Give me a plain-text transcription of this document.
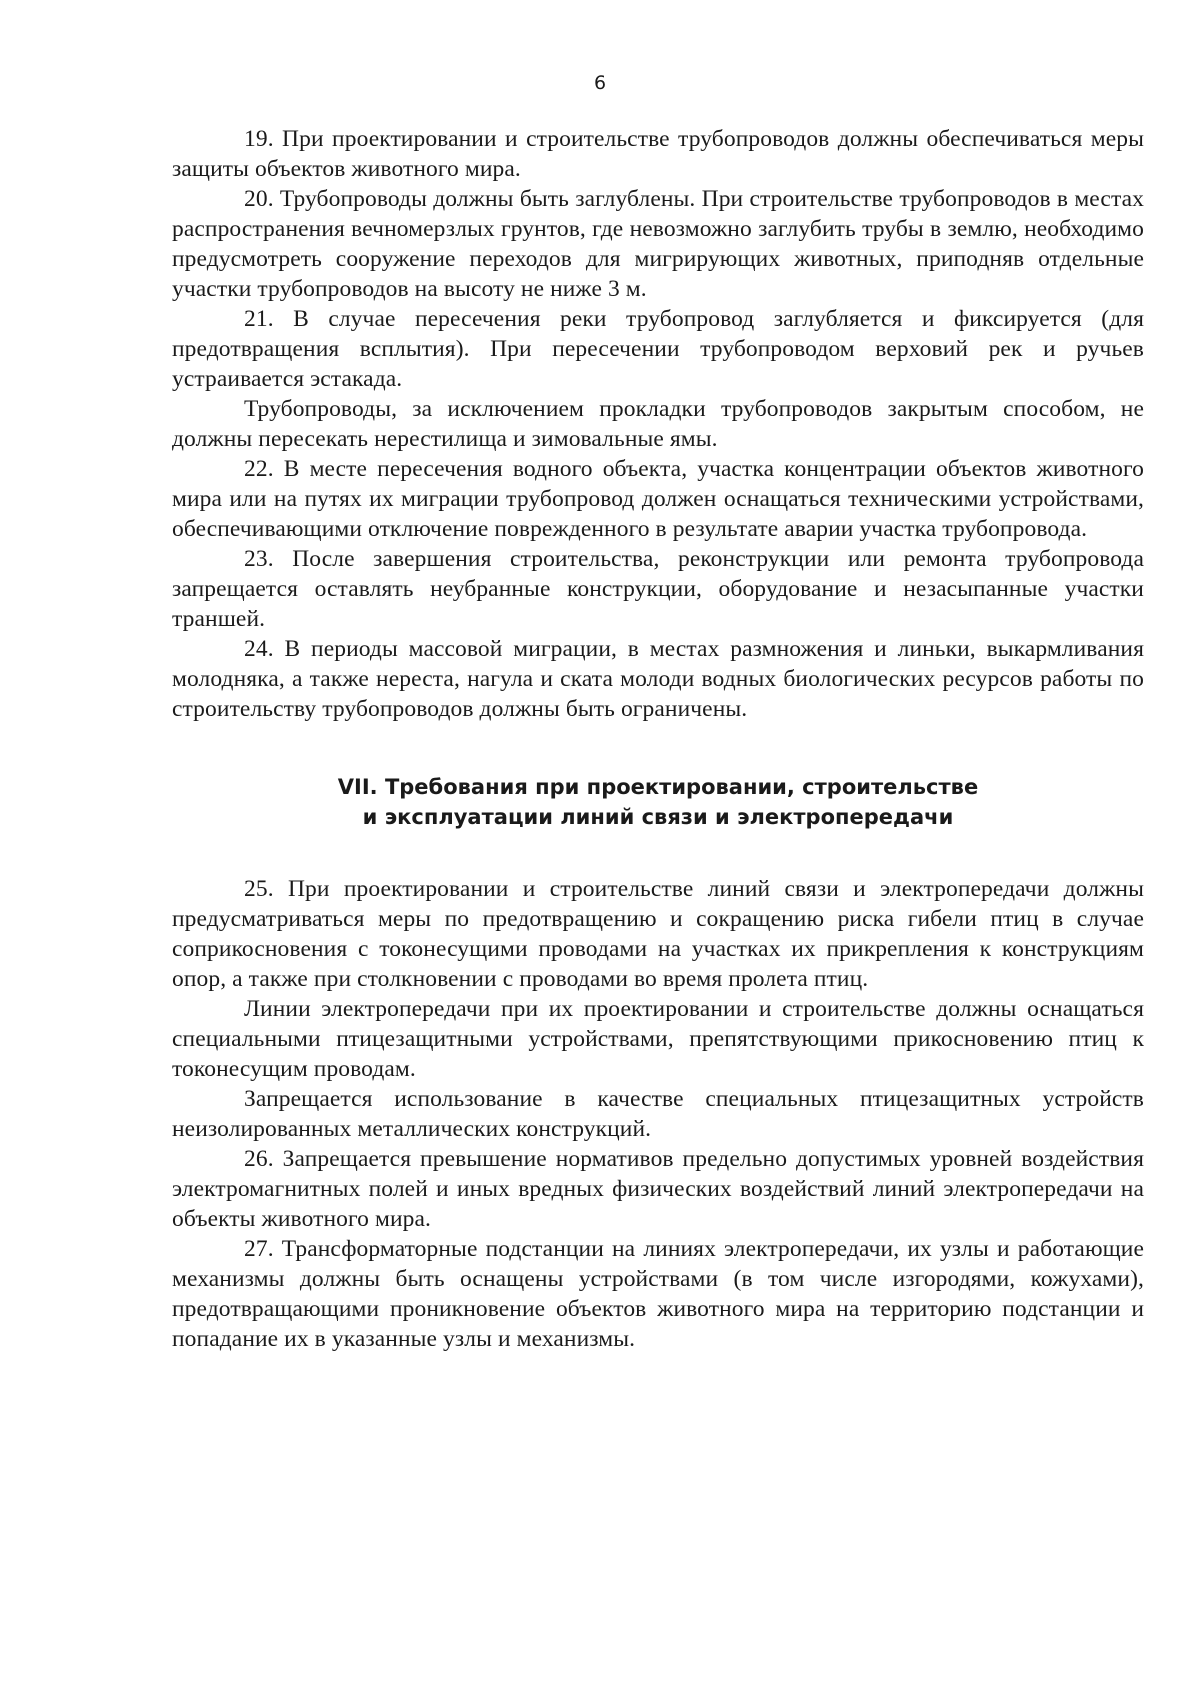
6

19. При проектировании и строительстве трубопроводов должны обеспечиваться меры защиты объектов животного мира.

20. Трубопроводы должны быть заглублены. При строительстве трубопроводов в местах распространения вечномерзлых грунтов, где невозможно заглубить трубы в землю, необходимо предусмотреть сооружение переходов для мигрирующих животных, приподняв отдельные участки трубопроводов на высоту не ниже 3 м.

21. В случае пересечения реки трубопровод заглубляется и фиксируется (для предотвращения всплытия). При пересечении трубопроводом верховий рек и ручьев устраивается эстакада.

Трубопроводы, за исключением прокладки трубопроводов закрытым способом, не должны пересекать нерестилища и зимовальные ямы.

22. В месте пересечения водного объекта, участка концентрации объектов животного мира или на путях их миграции трубопровод должен оснащаться техническими устройствами, обеспечивающими отключение поврежденного в результате аварии участка трубопровода.

23. После завершения строительства, реконструкции или ремонта трубопровода запрещается оставлять неубранные конструкции, оборудование и незасыпанные участки траншей.

24. В периоды массовой миграции, в местах размножения и линьки, выкармливания молодняка, а также нереста, нагула и ската молоди водных биологических ресурсов работы по строительству трубопроводов должны быть ограничены.

VII. Требования при проектировании, строительстве
и эксплуатации линий связи и электропередачи

25. При проектировании и строительстве линий связи и электропередачи должны предусматриваться меры по предотвращению и сокращению риска гибели птиц в случае соприкосновения с токонесущими проводами на участках их прикрепления к конструкциям опор, а также при столкновении с проводами во время пролета птиц.

Линии электропередачи при их проектировании и строительстве должны оснащаться специальными птицезащитными устройствами, препятствующими прикосновению птиц к токонесущим проводам.

Запрещается использование в качестве специальных птицезащитных устройств неизолированных металлических конструкций.

26. Запрещается превышение нормативов предельно допустимых уровней воздействия электромагнитных полей и иных вредных физических воздействий линий электропередачи на объекты животного мира.

27. Трансформаторные подстанции на линиях электропередачи, их узлы и работающие механизмы должны быть оснащены устройствами (в том числе изгородями, кожухами), предотвращающими проникновение объектов животного мира на территорию подстанции и попадание их в указанные узлы и механизмы.
